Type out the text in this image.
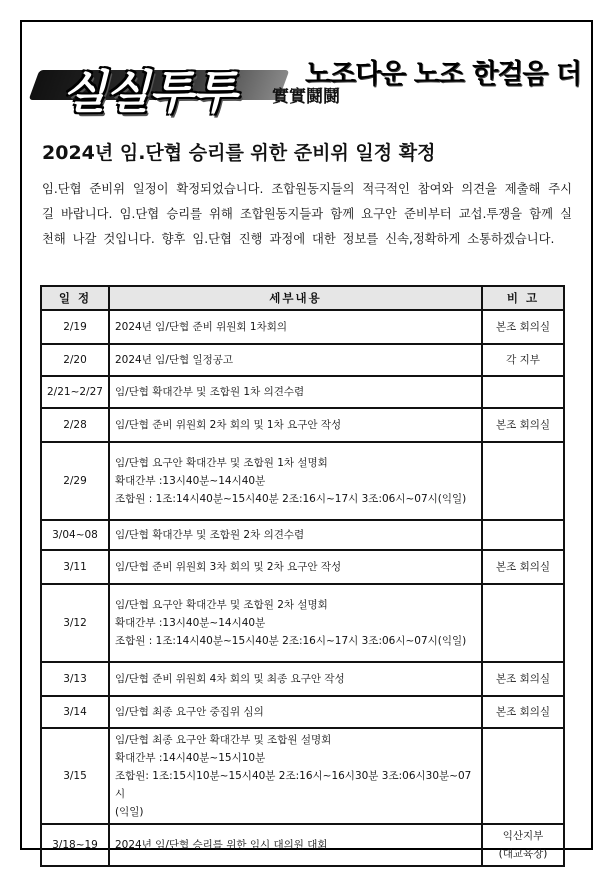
실실투투 實實鬪鬪
노조다운 노조 한걸음 더
2024년 임.단협 승리를 위한 준비위 일정 확정
임.단협 준비위 일정이 확정되었습니다. 조합원동지들의 적극적인 참여와 의견을 제출해 주시길 바랍니다. 임.단협 승리를 위해 조합원동지들과 함께 요구안 준비부터 교섭.투쟁을 함께 실천해 나갈 것입니다. 향후 임.단협 진행 과정에 대한 정보를 신속,정확하게 소통하겠습니다.
일 정	세부내용	비 고
2/19	2024년 임/단협 준비 위원회 1차회의	본조 회의실
2/20	2024년 임/단협 일정공고	각 지부
2/21~2/27	임/단협 확대간부 및 조합원 1차 의견수렴	

2/28	임/단협 준비 위원회 2차 회의 및 1차 요구안 작성	본조 회의실
2/29	임/단협 요구안 확대간부 및 조합원 1차 설명회
확대간부 :13시40분~14시40분
조합원 : 1조:14시40분~15시40분 2조:16시~17시 3조:06시~07시(익일)	

3/04~08	임/단협 확대간부 및 조합원 2차 의견수렴	

3/11	임/단협 준비 위원회 3차 회의 및 2차 요구안 작성	본조 회의실
3/12	임/단협 요구안 확대간부 및 조합원 2차 설명회
확대간부 :13시40분~14시40분
조합원 : 1조:14시40분~15시40분 2조:16시~17시 3조:06시~07시(익일)	

3/13	임/단협 준비 위원회 4차 회의 및 최종 요구안 작성	본조 회의실
3/14	임/단협 최종 요구안 중집위 심의	본조 회의실
3/15	임/단협 최종 요구안 확대간부 및 조합원 설명회
확대간부 :14시40분~15시10분
조합원: 1조:15시10분~15시40분 2조:16시~16시30분 3조:06시30분~07시
(익일)	

3/18~19	2024년 임/단협 승리를 위한 임시 대의원 대회	익산지부
(대교육장)
